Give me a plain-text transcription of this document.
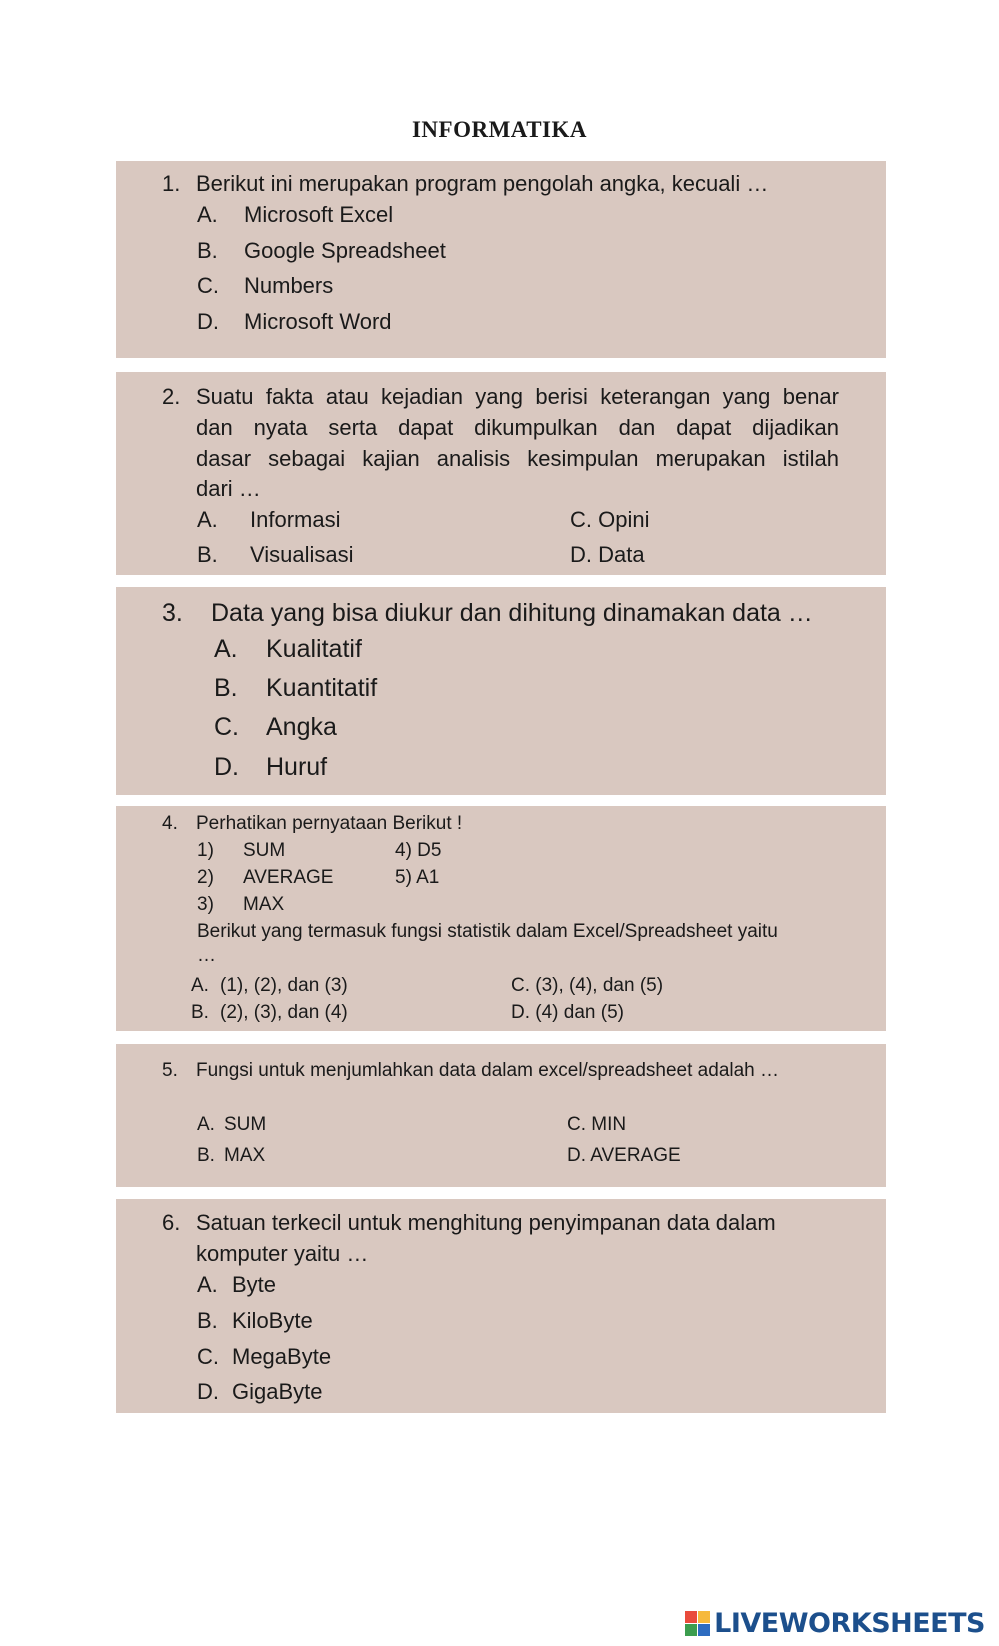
INFORMATIKA
1. Berikut ini merupakan program pengolah angka, kecuali …
A. Microsoft Excel
B. Google Spreadsheet
C. Numbers
D. Microsoft Word
2. Suatu fakta atau kejadian yang berisi keterangan yang benar
dan nyata serta dapat dikumpulkan dan dapat dijadikan
dasar sebagai kajian analisis kesimpulan merupakan istilah
dari …
A. Informasi
B. Visualisasi
C. Opini
D. Data
3. Data yang bisa diukur dan dihitung dinamakan data …
A. Kualitatif
B. Kuantitatif
C. Angka
D. Huruf
4. Perhatikan pernyataan Berikut !
1) SUM
2) AVERAGE
3) MAX
4) D5
5) A1
Berikut yang termasuk fungsi statistik dalam Excel/Spreadsheet yaitu
…
A. (1), (2), dan (3)
B. (2), (3), dan (4)
C. (3), (4), dan (5)
D. (4) dan (5)
5. Fungsi untuk menjumlahkan data dalam excel/spreadsheet adalah …
A. SUM
B. MAX
C. MIN
D. AVERAGE
6. Satuan terkecil untuk menghitung penyimpanan data dalam
komputer yaitu …
A. Byte
B. KiloByte
C. MegaByte
D. GigaByte
LIVEWORKSHEETS
